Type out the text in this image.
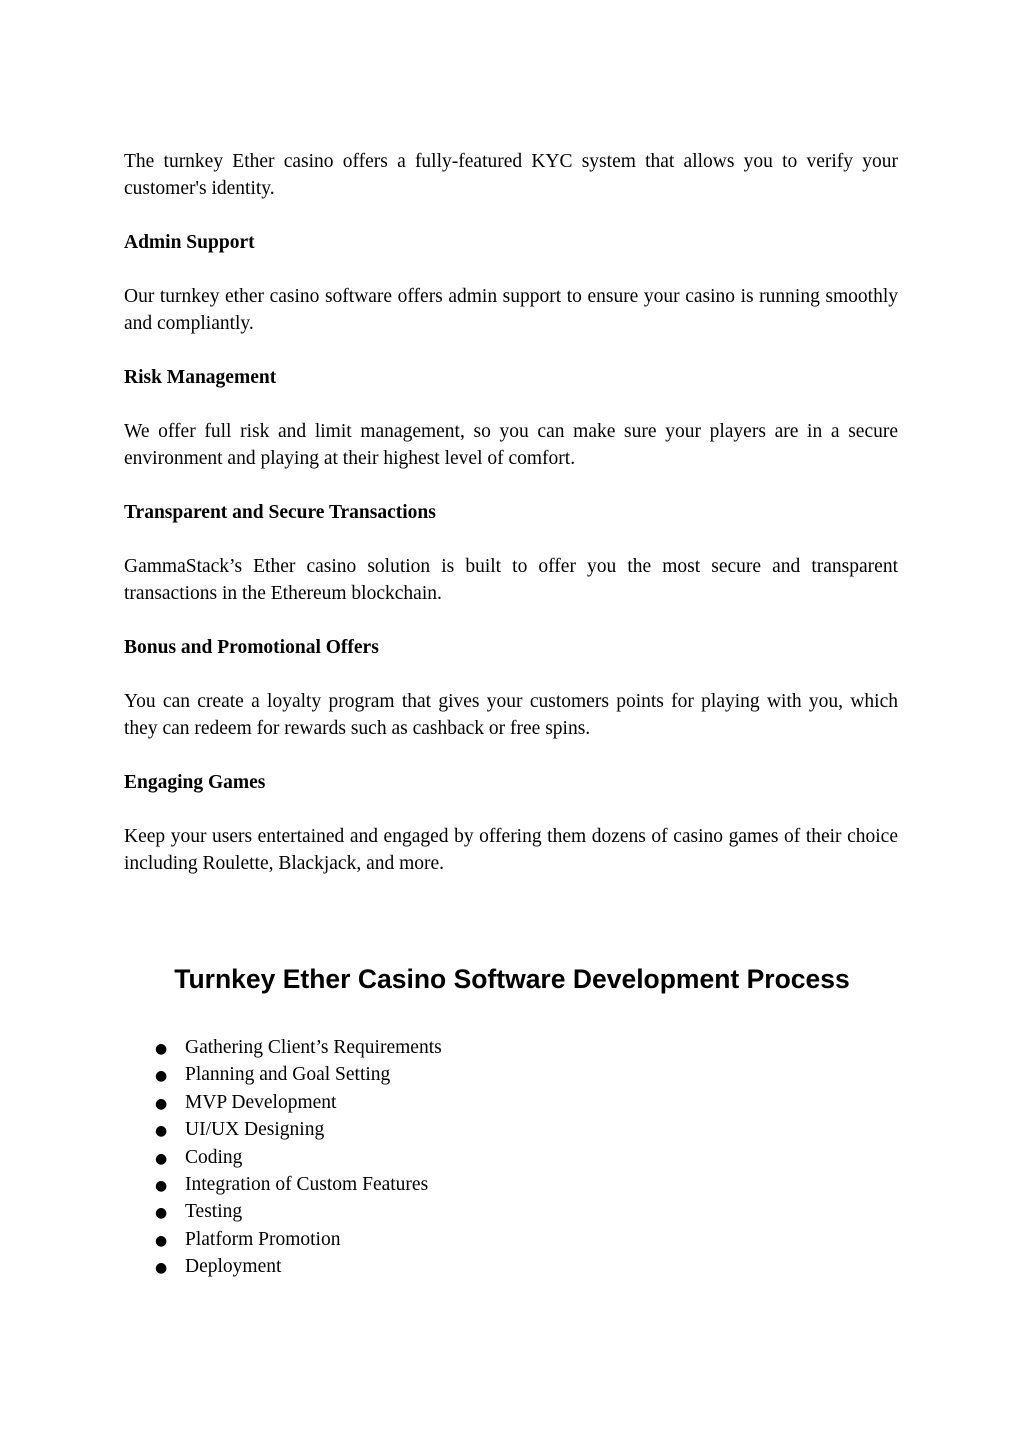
The turnkey Ether casino offers a fully-featured KYC system that allows you to verify your customer's identity.

Admin Support

Our turnkey ether casino software offers admin support to ensure your casino is running smoothly and compliantly.

Risk Management

We offer full risk and limit management, so you can make sure your players are in a secure environment and playing at their highest level of comfort.

Transparent and Secure Transactions

GammaStack’s Ether casino solution is built to offer you the most secure and transparent transactions in the Ethereum blockchain.

Bonus and Promotional Offers

You can create a loyalty program that gives your customers points for playing with you, which they can redeem for rewards such as cashback or free spins.

Engaging Games

Keep your users entertained and engaged by offering them dozens of casino games of their choice including Roulette, Blackjack, and more.

Turnkey Ether Casino Software Development Process
● Gathering Client’s Requirements
● Planning and Goal Setting
● MVP Development
● UI/UX Designing
● Coding
● Integration of Custom Features
● Testing
● Platform Promotion
● Deployment
